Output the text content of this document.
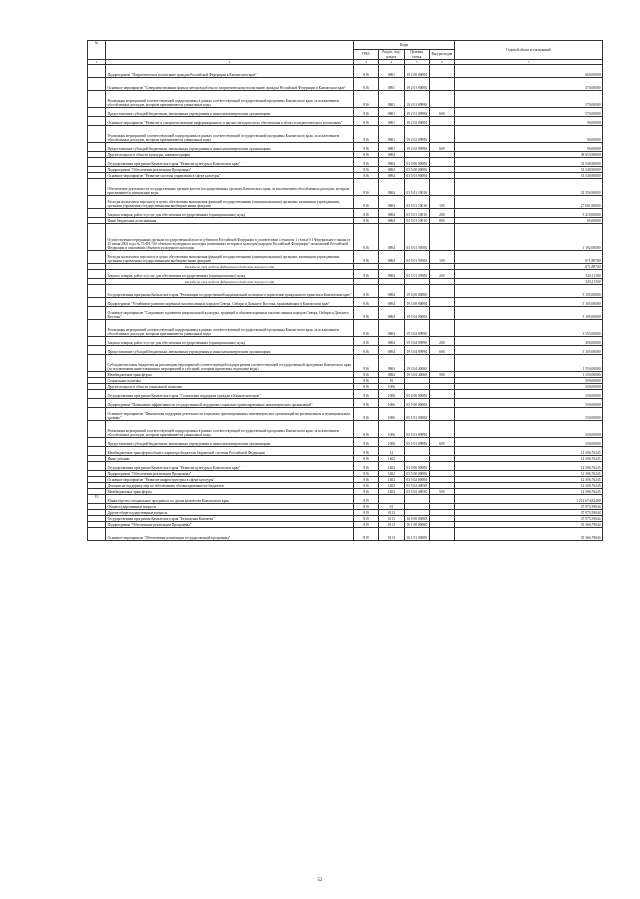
№		Коды				Годовой объем ассигнований
		ГРБС	Раздел, под-раздел	Целевая статья	Вид расходов	
1	2	3	4	5	6	7
	Подпрограмма "Патриотическое воспитание граждан Российской Федерации в Камчатском крае"	816	0801	19 2 00 00000		660,00000
	Основное мероприятие "Совершенствование форм и методов работы по патриотическому воспитанию граждан Российской Федерации в Камчатском крае"	816	0801	19 2 01 00000		570,00000
	Реализация мероприятий соответствующей подпрограммы в рамках соответствующей государственной программы Камчатского края, за исключением обособленных расходов, которым присваиваются уникальные коды	816	0801	19 2 01 09990		570,00000
	Предоставление субсидий бюджетным, автономным учреждениям и иным некоммерческим организациям	816	0801	19 2 01 09990	600	570,00000
	Основное мероприятие "Развитие и совершенствование информационного и научно-методического обеспечения в области патриотического воспитания"	816	0801	19 2 02 00000		90,00000
	Реализация мероприятий соответствующей подпрограммы в рамках соответствующей государственной программы Камчатского края, за исключением обособленных расходов, которым присваиваются уникальные коды	816	0801	19 2 02 09990		90,00000
	Предоставление субсидий бюджетным, автономным учреждениям и иным некоммерческим организациям	816	0801	19 2 02 09990	600	90,00000
	Другие вопросы в области культуры, кинематографии	816	0804			38 653,90000
	Государственная программа Камчатского края "Развитие культуры в Камчатском крае"	816	0804	03 0 00 00000		33 548,90000
	Подпрограмма "Обеспечение реализации Программы"	816	0804	03 5 00 00000		33 548,90000
	Основное мероприятие "Развитие системы управления в сфере культуры"	816	0804	03 5 01 00000		33 548,90000
	Обеспечение деятельности государственных органов власти (государственных органов) Камчатского края, за исключением обособленных расходов, которым присваиваются уникальные коды	816	0804	03 5 01 10010		32 356,90000
	Расходы на выплаты персоналу в целях обеспечения выполнения функций государственными (муниципальными) органами, казенными учреждениями, органами управления государственными внебюджетными фондами	816	0804	03 5 01 10010	100	27 081,90000
	Закупка товаров, работ и услуг для обеспечения государственных (муниципальных) нужд	816	0804	03 5 01 10010	200	5 210,00000
	Иные бюджетные ассигнования	816	0804	03 5 01 10010	800	65,00000
	Осуществление переданных органам государственной власти субъектов Российской Федерации в соответствии с пунктом 1 статьи 9.1 Федерального закона от 25 июня 2002 года № 73-ФЗ "Об объектах культурного наследия (памятниках истории и культуры) народов Российской Федерации" полномочий Российской Федерации в отношении объектов культурного наследия	816	0804	03 5 01 59500		1 192,00000
	Расходы на выплаты персоналу в целях обеспечения выполнения функций государственными (муниципальными) органами, казенными учреждениями, органами управления государственными внебюджетными фондами	816	0804	03 5 01 59500	100	671,88700
	Расходы за счет средств федерального бюджета текущего года					671,88700
	Закупка товаров, работ и услуг для обеспечения государственных (муниципальных) нужд	816	0804	03 5 01 59500	200	520,11300
	Расходы за счет средств федерального бюджета текущего года					520,11300
	Государственная программа Камчатского края "Реализация государственной национальной политики и укрепление гражданского единства в Камчатском крае"	816	0804	19 0 00 00000		5 105,00000
	Подпрограмма "Устойчивое развитие коренных малочисленных народов Севера, Сибири и Дальнего Востока, проживающих в Камчатском крае"	816	0804	19 3 00 00000		5 105,00000
	Основное мероприятие "Сохранение и развитие национальной культуры, традиций и обычаев коренных малочисленных народов Севера, Сибири и Дальнего Востока"	816	0804	19 3 04 00000		5 105,00000
	Реализация мероприятий соответствующей подпрограммы в рамках соответствующей государственной программы Камчатского края, за исключением обособленных расходов, которым присваиваются уникальные коды	816	0804	19 3 04 09990		3 555,00000
	Закупка товаров, работ и услуг для обеспечения государственных (муниципальных) нужд	816	0804	19 3 04 09990	200	450,00000
	Предоставление субсидий бюджетным, автономным учреждениям и иным некоммерческим организациям	816	0804	19 3 04 09990	600	3 105,00000
	Субсидии местным бюджетам на реализацию мероприятий соответствующей подпрограммы соответствующей государственной программы Камчатского края (за исключением инвестиционных мероприятий и субсидий, которым присвоены отдельные коды)	816	0804	19 3 04 40060		1 550,00000
	Межбюджетные трансферты	816	0804	19 3 04 40060	500	1 550,00000
	Социальная политика	816	10			350,00000
	Другие вопросы в области социальной политики	816	1006			350,00000
	Государственная программа Камчатского края "Социальная поддержка граждан в Камчатском крае"	816	1006	05 0 00 00000		350,00000
	Подпрограмма "Повышение эффективности государственной поддержки социально ориентированных некоммерческих организаций"	816	1006	05 5 00 00000		350,00000
	Основное мероприятие "Финансовая поддержка деятельности социально ориентированных некоммерческих организаций на региональном и муниципальном уровнях"	816	1006	05 5 01 00000		350,00000
	Реализация мероприятий соответствующей подпрограммы в рамках соответствующей государственной программы Камчатского края, за исключением обособленных расходов, которым присваиваются уникальные коды	816	1006	05 5 01 09990		350,00000
	Предоставление субсидий бюджетным, автономным учреждениям и иным некоммерческим организациям	816	1006	05 5 01 09990	600	350,00000
	Межбюджетные трансферты общего характера бюджетам бюджетной системы Российской Федерации	816	14			12 306,76245
	Иные дотации	816	1402			12 306,76245
	Государственная программа Камчатского края "Развитие культуры в Камчатском крае"	816	1402	03 0 00 00000		12 306,76245
	Подпрограмма "Обеспечение реализации Программы"	816	1402	03 5 00 00000		12 306,76245
	Основное мероприятие "Развитие инфраструктуры в сфере культуры"	816	1402	03 5 02 00000		12 306,76245
	Дотации на поддержку мер по обеспечению сбалансированности бюджетов	816	1402	03 5 02 40030		12 306,76245
	Межбюджетные трансферты	816	1402	03 5 02 40030	500	12 306,76245
15	Министерство специальных программ и по делам казачества Камчатского края	819				1 212 674,82400
	Общегосударственные вопросы	819	01			37 975,59044
	Другие общегосударственные вопросы	819	0113			37 975,59044
	Государственная программа Камчатского края "Безопасная Камчатка"	819	0113	16 0 00 00000		37 975,59044
	Подпрограмма "Обеспечение реализации Программы"	819	0113	16 1 00 00000		35 366,79044
	Основное мероприятие "Обеспечение реализации государственной программы"	819	0113	16 1 01 00000		35 366,79044
52
